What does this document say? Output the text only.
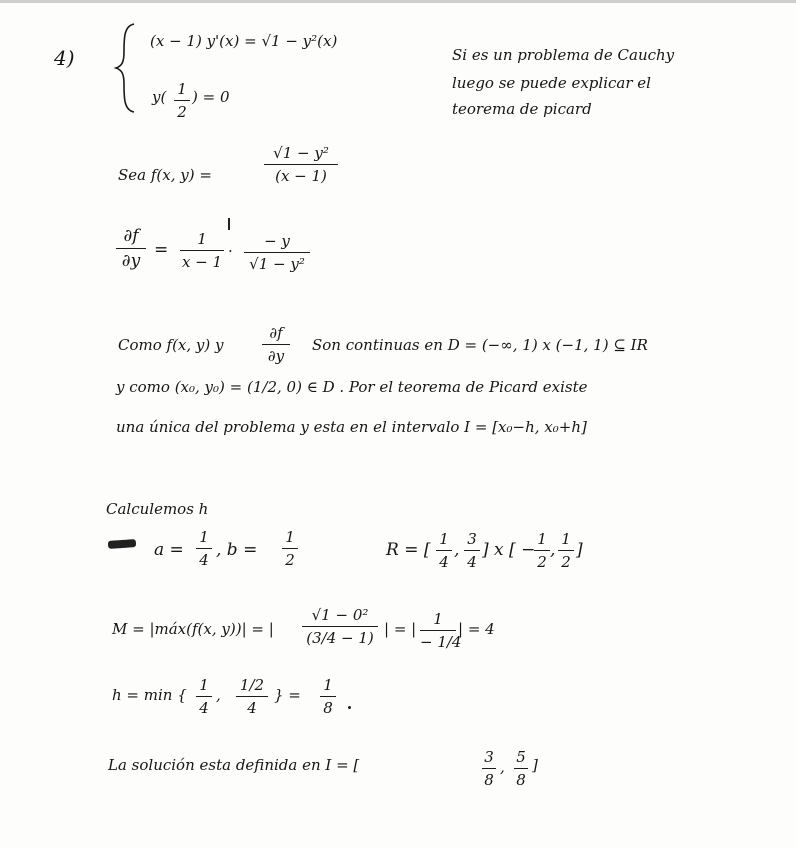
4)
(x − 1) y'(x) = √1 − y²(x)
y( 1
2
) = 0
Si es un problema de Cauchy
luego se puede explicar el
teorema de picard
Sea f(x, y) =
√1 − y²
(x − 1)
∂f
∂y
=
1
x − 1
·
− y
√1 − y²
Como f(x, y) y
∂f
∂y
Son continuas en D = (−∞, 1) x (−1, 1) ⊆ IR
y como (x₀, y₀) = (1/2, 0) ∈ D . Por el teorema de Picard existe
una única del problema y esta en el intervalo I = [x₀−h, x₀+h]
Calculemos h
a =
1
4 , b =
1
2	R = [
1
4
,
3
4
] x [ −
1
2
,
1
2
]
M = |máx(f(x, y))| = |
√1 − 0²
(3/4 − 1) | = |
1
− 1/4
| = 4
h = min {
1
4
,
1/2
4
} =
1
8
La solución esta definida en I = [	3
8
,
5
8
]
